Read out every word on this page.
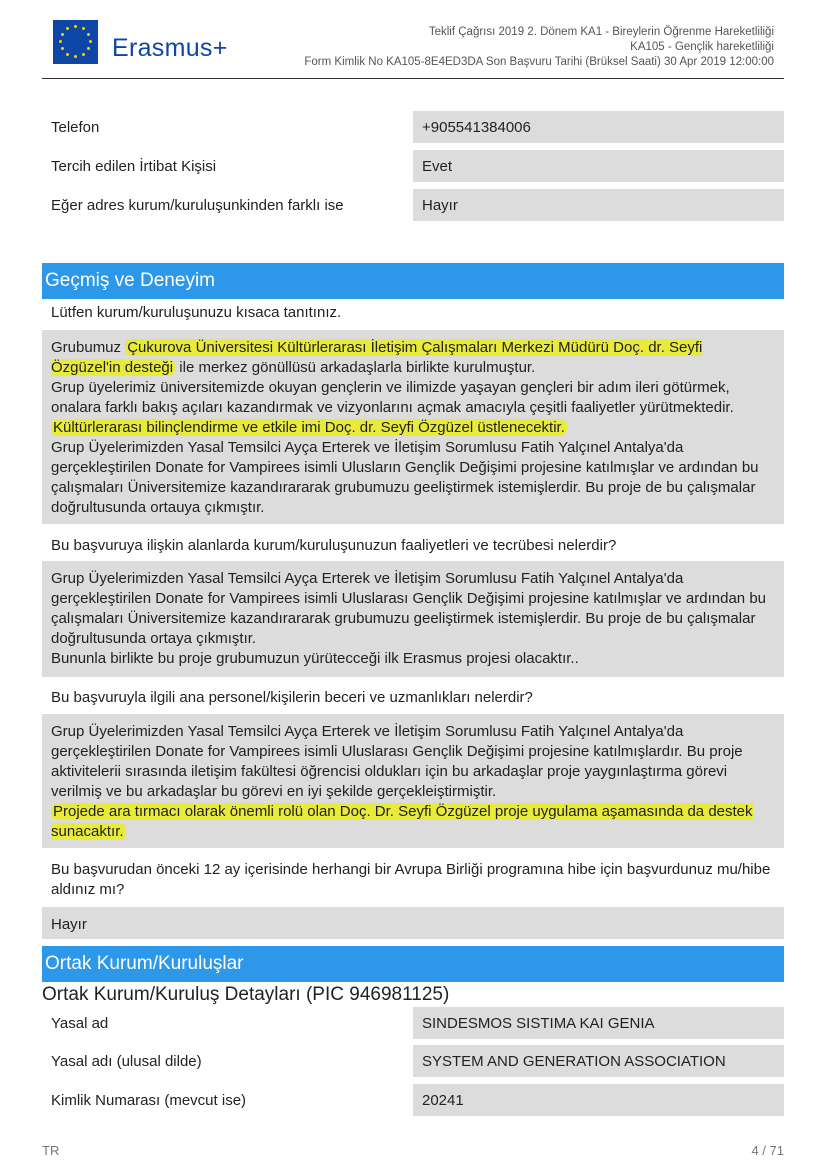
Erasmus+
Teklif Çağrısı 2019 2. Dönem KA1 - Bireylerin Öğrenme Hareketliliği
KA105 - Gençlik hareketliliği
Form Kimlik No KA105-8E4ED3DA Son Başvuru Tarihi (Brüksel Saati) 30 Apr 2019 12:00:00
Telefon	+905541384006
Tercih edilen İrtibat Kişisi	Evet
Eğer adres kurum/kuruluşunkinden farklı ise	Hayır
Geçmiş ve Deneyim
Lütfen kurum/kuruluşunuzu kısaca tanıtınız.

Grubumuz Çukurova Üniversitesi Kültürlerarası İletişim Çalışmaları Merkezi Müdürü Doç. dr. Seyfi Özgüzel'in desteği ile merkez gönüllüsü arkadaşlarla birlikte kurulmuştur.

Grup üyelerimiz üniversitemizde okuyan gençlerin ve ilimizde yaşayan gençleri bir adım ileri götürmek, onalara farklı bakış açıları kazandırmak ve vizyonlarını açmak amacıyla çeşitli faaliyetler yürütmektedir. Kültürlerarası bilinçlendirme ve etkile imi Doç. dr. Seyfi Özgüzel üstlenecektir.

Grup Üyelerimizden Yasal Temsilci Ayça Erterek ve İletişim Sorumlusu Fatih Yalçınel Antalya'da gerçekleştirilen Donate for Vampirees isimli Ulusların Gençlik Değişimi projesine katılmışlar ve ardından bu çalışmaları Üniversitemize kazandırararak grubumuzu geeliştirmek istemişlerdir. Bu proje de bu çalışmalar doğrultusunda ortauya çıkmıştır.

Bu başvuruya ilişkin alanlarda kurum/kuruluşunuzun faaliyetleri ve tecrübesi nelerdir?

Grup Üyelerimizden Yasal Temsilci Ayça Erterek ve İletişim Sorumlusu Fatih Yalçınel Antalya'da gerçekleştirilen Donate for Vampirees isimli Uluslarası Gençlik Değişimi projesine katılmışlar ve ardından bu çalışmaları Üniversitemize kazandırararak grubumuzu geeliştirmek istemişlerdir. Bu proje de bu çalışmalar doğrultusunda ortaya çıkmıştır.

Bununla birlikte bu proje grubumuzun yürütecceği ilk Erasmus projesi olacaktır..

Bu başvuruyla ilgili ana personel/kişilerin beceri ve uzmanlıkları nelerdir?

Grup Üyelerimizden Yasal Temsilci Ayça Erterek ve İletişim Sorumlusu Fatih Yalçınel Antalya'da gerçekleştirilen Donate for Vampirees isimli Uluslarası Gençlik Değişimi projesine katılmışlardır. Bu proje aktivitelerii sırasında iletişim fakültesi öğrencisi oldukları için bu arkadaşlar proje yaygınlaştırma görevi verilmiş ve bu arkadaşlar bu görevi en iyi şekilde gerçekleiştirmiştir.

Projede ara tırmacı olarak önemli rolü olan Doç. Dr. Seyfi Özgüzel proje uygulama aşamasında da destek sunacaktır.

Bu başvurudan önceki 12 ay içerisinde herhangi bir Avrupa Birliği programına hibe için başvurdunuz mu/hibe aldınız mı?

Hayır

Ortak Kurum/Kuruluşlar
Ortak Kurum/Kuruluş Detayları (PIC 946981125)
Yasal ad	SINDESMOS SISTIMA KAI GENIA
Yasal adı (ulusal dilde)	SYSTEM AND GENERATION ASSOCIATION
Kimlik Numarası (mevcut ise)	20241
TR	4 / 71
